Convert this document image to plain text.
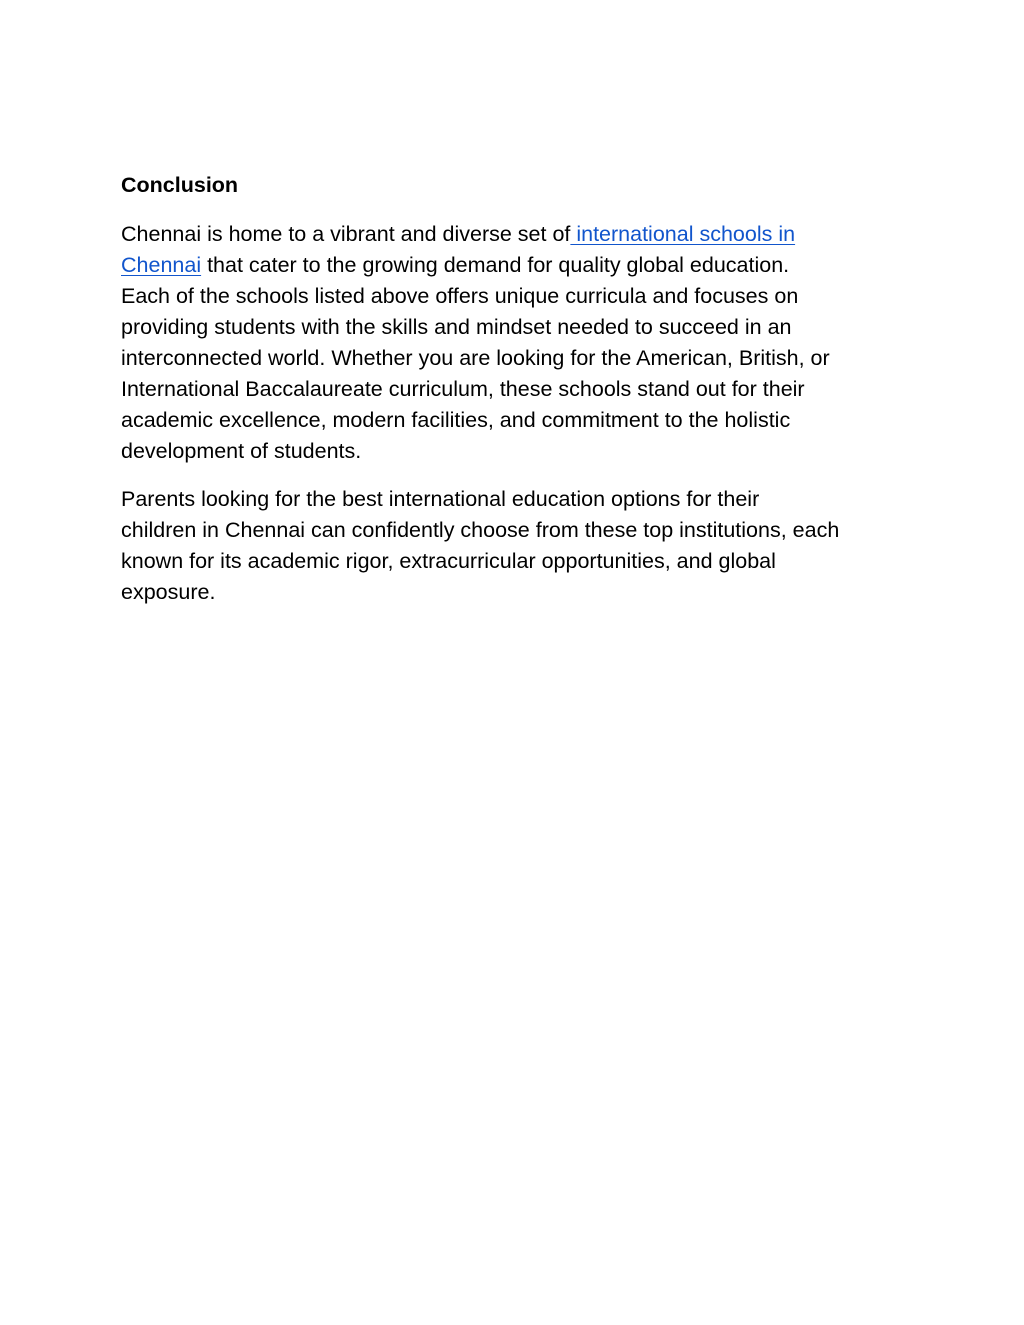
Conclusion

Chennai is home to a vibrant and diverse set of international schools in
Chennai that cater to the growing demand for quality global education.
Each of the schools listed above offers unique curricula and focuses on
providing students with the skills and mindset needed to succeed in an
interconnected world. Whether you are looking for the American, British, or
International Baccalaureate curriculum, these schools stand out for their
academic excellence, modern facilities, and commitment to the holistic
development of students.

Parents looking for the best international education options for their
children in Chennai can confidently choose from these top institutions, each
known for its academic rigor, extracurricular opportunities, and global
exposure.
